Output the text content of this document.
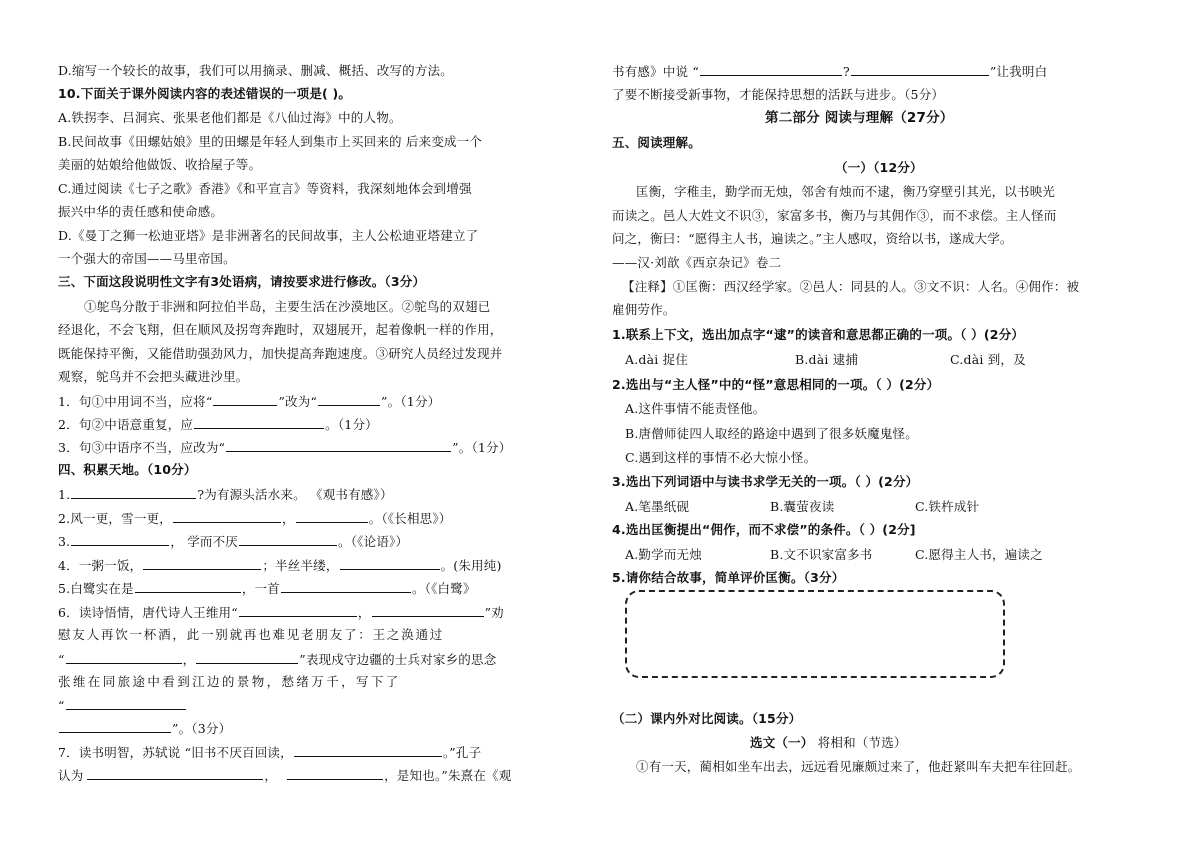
D.缩写一个较长的故事，我们可以用摘录、删减、概括、改写的方法。
10.下面关于课外阅读内容的表述错误的一项是( )。
A.铁拐李、吕洞宾、张果老他们都是《八仙过海》中的人物。
B.民间故事《田螺姑娘》里的田螺是年轻人到集市上买回来的 后来变成一个
美丽的姑娘给他做饭、收拾屋子等。
C.通过阅读《七子之歌》香港》《和平宣言》等资料，我深刻地体会到增强
振兴中华的责任感和使命感。
D.《曼丁之狮一松迪亚塔》是非洲著名的民间故事，主人公松迪亚塔建立了
一个强大的帝国——马里帝国。
三、下面这段说明性文字有3处语病，请按要求进行修改。（3分）
①鸵鸟分散于非洲和阿拉伯半岛，主要生活在沙漠地区。②鸵鸟的双翅已
经退化，不会飞翔，但在顺风及拐弯奔跑时，双翅展开，起着像帆一样的作用，
既能保持平衡，又能借助强劲风力，加快提高奔跑速度。③研究人员经过发现并
观察，鸵鸟并不会把头藏进沙里。
1．句①中用词不当，应将“	”改为“	”。（1分）
2．句②中语意重复，应	。（1分）
3．句③中语序不当，应改为“	”。（1分）
四、积累天地。（10分）
1.	?为有源头活水来。 《观书有感》）
2.风一更，雪一更，	，	。（《长相思》）
3.	， 学而不厌	。（《论语》）
4．一粥一饭，	；半丝半缕，	。(朱用纯)
5.白鹭实在是	，一首	。（《白鹭》
6．读诗悟情，唐代诗人王维用“	，	”劝
慰友人再饮一杯酒，此一别就再也难见老朋友了：王之涣通过
“	，	”表现戍守边疆的士兵对家乡的思念
张维在同旅途中看到江边的景物，愁绪万千，写下了
“
”。（3分）
7．读书明智，苏轼说 “旧书不厌百回读，	。”孔子
认为	，	，是知也。”朱熹在《观
书有感》中说 “	?	”让我明白
了要不断接受新事物，才能保持思想的活跃与进步。（5分）
第二部分 阅读与理解（27分）
五、阅读理解。
（一）（12分）
匡衡，字稚圭，勤学而无烛，邻舍有烛而不逮，衡乃穿壁引其光，以书映光
而读之。邑人大姓文不识③，家富多书，衡乃与其佣作③，而不求偿。主人怪而
问之，衡曰：“愿得主人书，遍读之。”主人感叹，资给以书，遂成大学。
——汉·刘歆《西京杂记》卷二
【注释】①匡衡：西汉经学家。②邑人：同县的人。③文不识：人名。④佣作：被
雇佣劳作。
1.联系上下文，选出加点字“逮”的读音和意思都正确的一项。（ ）(2分）
A.dài 捉住	B.dài 逮捕	C.dài 到，及
2.选出与“主人怪”中的“怪”意思相同的一项。（ ）(2分）
A.这件事情不能责怪他。
B.唐僧师徒四人取经的路途中遇到了很多妖魔鬼怪。
C.遇到这样的事情不必大惊小怪。
3.选出下列词语中与读书求学无关的一项。（ ）(2分）
A.笔墨纸砚	B.囊萤夜读	C.铁杵成针
4.选出匡衡提出“佣作，而不求偿”的条件。（ ）(2分]
A.勤学而无烛	B.文不识家富多书	C.愿得主人书，遍读之
5.请你结合故事，简单评价匡衡。（3分）
（二）课内外对比阅读。（15分）
选文（一） 将相和（节选）
①有一天，蔺相如坐车出去，远远看见廉颇过来了，他赶紧叫车夫把车往回赶。
